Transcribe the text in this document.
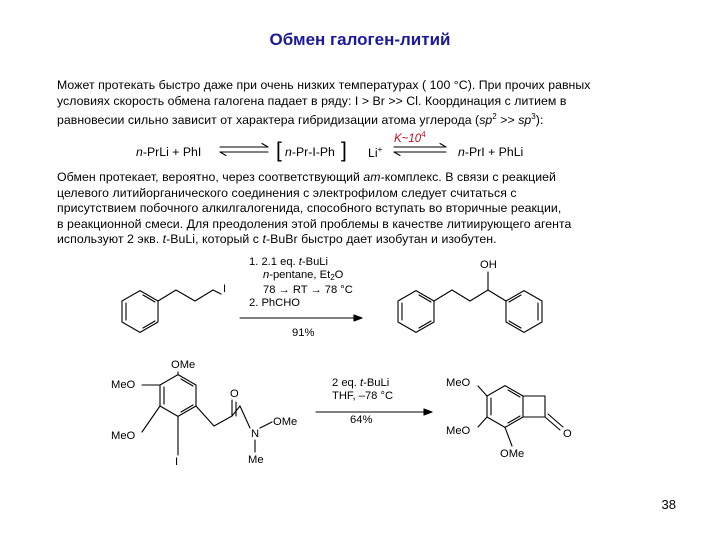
Обмен галоген-литий
Может протекать быстро даже при очень низких температурах ( 100 °С). При прочих равных
условиях скорость обмена галогена падает в ряду: I > Br >> Cl. Координация с литием в
равновесии сильно зависит от характера гибридизации атома углерода $(sp^2 >> sp^3)$:
$K\sim 10^4$
n-PrLi + PhI	[ n-Pr-I-Ph ] Li+	n-PrI + PhLi
Обмен протекает, вероятно, через соответствующий ат-комплекс. В связи с реакцией
целевого литийорганического соединения с электрофилом следует считаться с
присутствием побочного алкилгалогенида, способного вступать во вторичные реакции,
в реакционной смеси. Для преодоления этой проблемы в качестве литиирующего агента
используют 2 экв. t-BuLi, который с t-BuBr быстро дает изобутан и изобутен.
I
OH
1. 2.1 eq. t-BuLi
n-pentane, $Et_2O$
78 → RT → 78 °C
2. PhCHO
91%
OMe
MeO
MeO
I
O
N
OMe
Me
2 eq. t-BuLi
THF, –78 °C
64%
MeO
MeO
OMe
O
38
